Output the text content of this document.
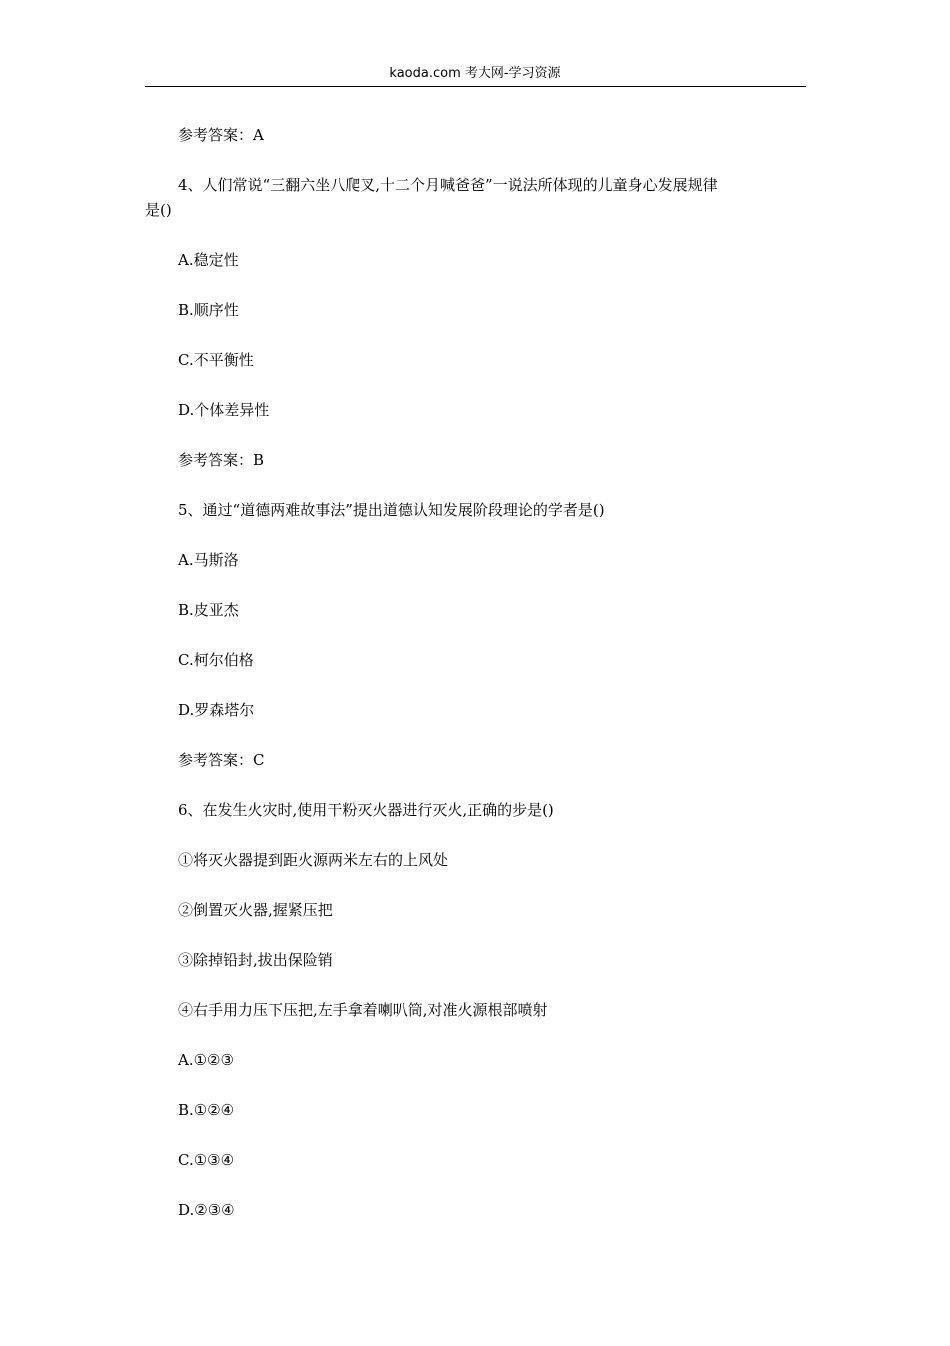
kaoda.com 考大网-学习资源
参考答案：A
4、人们常说“三翻六坐八爬叉,十二个月喊爸爸”一说法所体现的儿童身心发展规律
是()
A.稳定性
B.顺序性
C.不平衡性
D.个体差异性
参考答案：B
5、通过“道德两难故事法”提出道德认知发展阶段理论的学者是()
A.马斯洛
B.皮亚杰
C.柯尔伯格
D.罗森塔尔
参考答案：C
6、在发生火灾时,使用干粉灭火器进行灭火,正确的步是()
①将灭火器提到距火源两米左右的上风处
②倒置灭火器,握紧压把
③除掉铅封,拔出保险销
④右手用力压下压把,左手拿着喇叭筒,对准火源根部喷射
A.①②③
B.①②④
C.①③④
D.②③④
